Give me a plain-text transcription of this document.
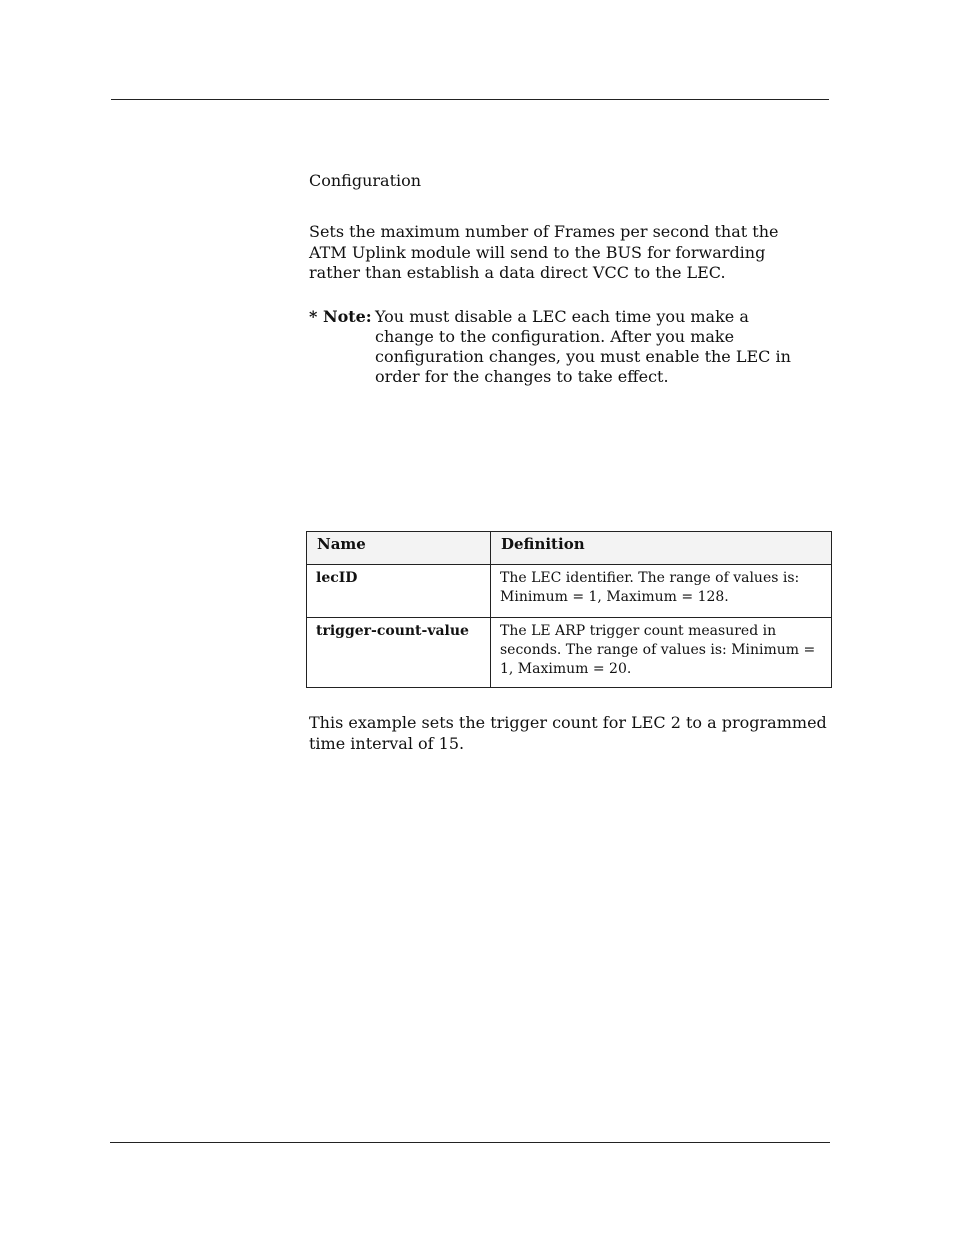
Configuration

Sets the maximum number of Frames per second that the ATM Uplink module will send to the BUS for forwarding rather than establish a data direct VCC to the LEC.

* Note: You must disable a LEC each time you make a change to the configuration. After you make configuration changes, you must enable the LEC in order for the changes to take effect.
Name	Definition
lecID	The LEC identifier. The range of values is: Minimum = 1, Maximum = 128.
trigger-count-value	The LE ARP trigger count measured in seconds. The range of values is: Minimum = 1, Maximum = 20.

This example sets the trigger count for LEC 2 to a programmed time interval of 15.
